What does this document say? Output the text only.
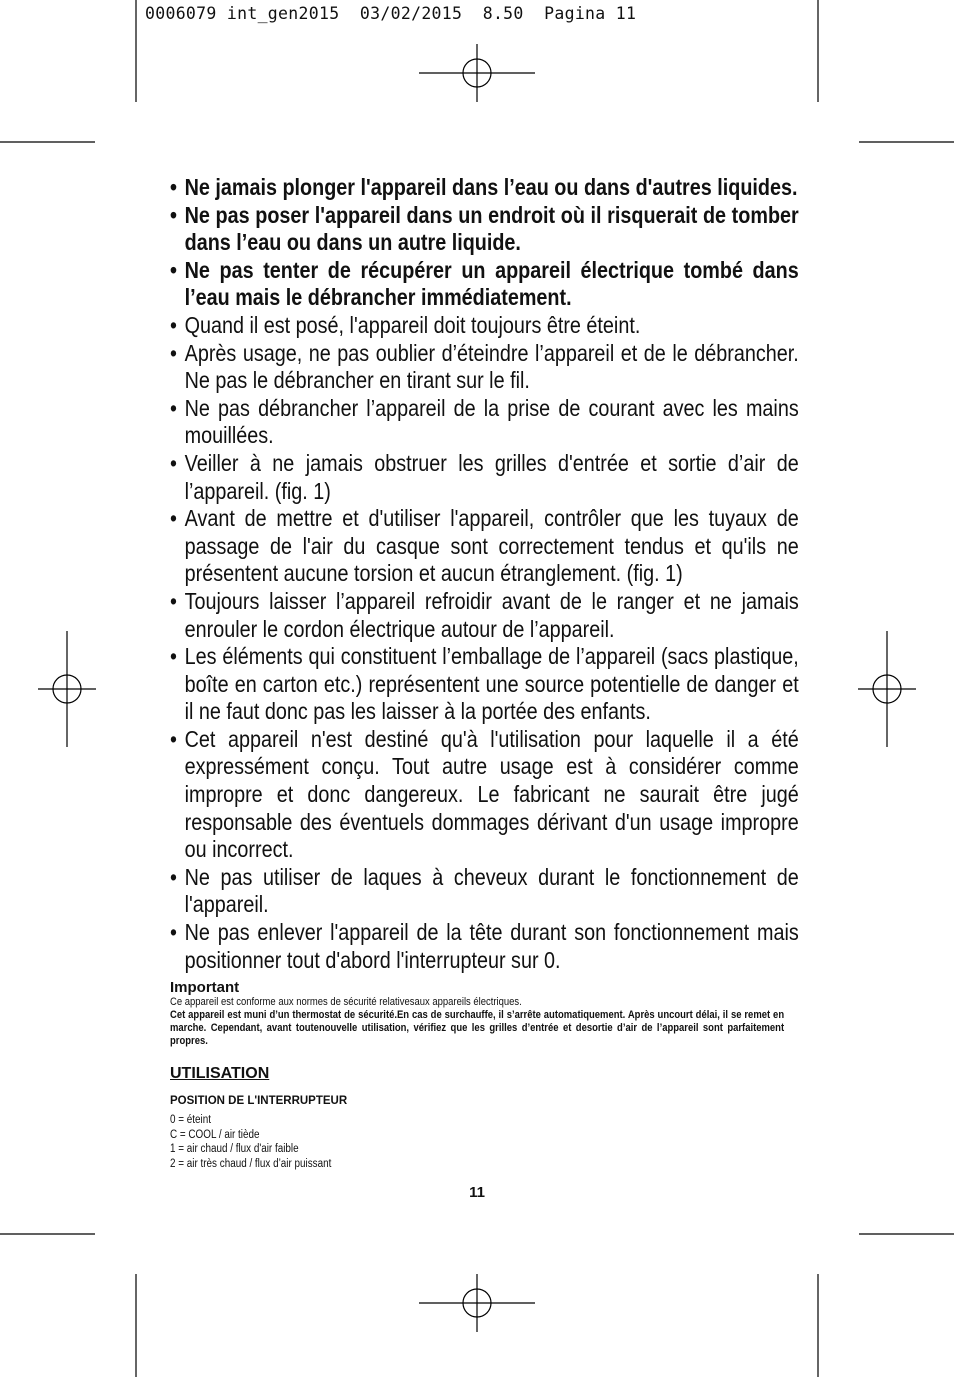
0006079 int_gen2015  03/02/2015  8.50  Pagina 11
• Ne jamais plonger l'appareil dans l’eau ou dans d'autres liquides.
• Ne pas poser l'appareil dans un endroit où il risquerait de tomber dans l’eau ou dans un autre liquide.
• Ne pas tenter de récupérer un appareil électrique tombé dans l’eau mais le débrancher immédiatement.
• Quand il est posé, l'appareil doit toujours être éteint.
• Après usage, ne pas oublier d’éteindre l’appareil et de le débrancher. Ne pas le débrancher en tirant sur le fil.
• Ne pas débrancher l’appareil de la prise de courant avec les mains mouillées.
• Veiller à ne jamais obstruer les grilles d'entrée et sortie d’air de l’appareil. (fig. 1)
• Avant de mettre et d'utiliser l'appareil, contrôler que les tuyaux de passage de l'air du casque sont correctement tendus et qu'ils ne présentent aucune torsion et aucun étranglement. (fig. 1)
• Toujours laisser l’appareil refroidir avant de le ranger et ne jamais enrouler le cordon électrique autour de l’appareil.
• Les éléments qui constituent l’emballage de l’appareil (sacs plastique, boîte en carton etc.) représentent une source potentielle de danger et il ne faut donc pas les laisser à la portée des enfants.
• Cet appareil n'est destiné qu'à l'utilisation pour laquelle il a été expressément conçu. Tout autre usage est à considérer comme impropre et donc dangereux. Le fabricant ne saurait être jugé responsable des éventuels dommages dérivant d'un usage impropre ou incorrect.
• Ne pas utiliser de laques à cheveux durant le fonctionnement de l'appareil.
• Ne pas enlever l'appareil de la tête durant son fonctionnement mais positionner tout d'abord l'interrupteur sur 0.
Important
Ce appareil est conforme aux normes de sécurité relativesaux appareils électriques.
Cet appareil est muni d’un thermostat de sécurité.En cas de surchauffe, il s’arrête automatiquement. Après uncourt délai, il se remet en marche. Cependant, avant toutenouvelle utilisation, vérifiez que les grilles d’entrée et desortie d’air de l’appareil sont parfaitement propres.
UTILISATION
POSITION DE L'INTERRUPTEUR
0 = éteint
C = COOL / air tiède
1 = air chaud / flux d'air faible
2 = air très chaud / flux d’air puissant
11
